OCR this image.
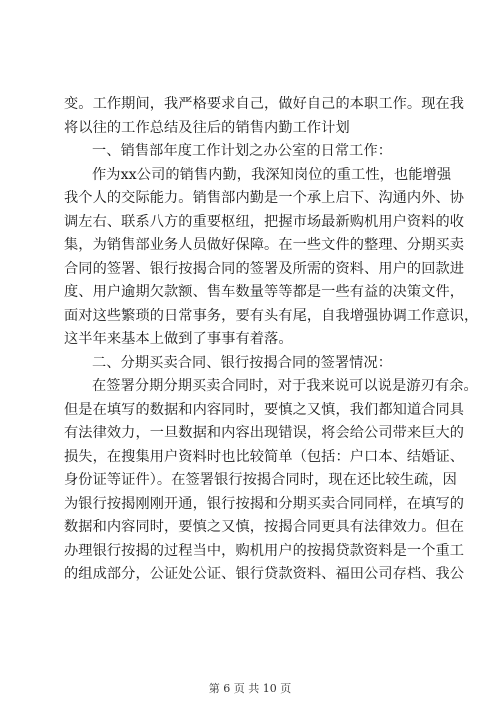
变。工作期间，我严格要求自己，做好自己的本职工作。现在我
将以往的工作总结及往后的销售内勤工作计划
一、销售部年度工作计划之办公室的日常工作：
作为xx公司的销售内勤，我深知岗位的重工性，也能增强
我个人的交际能力。销售部内勤是一个承上启下、沟通内外、协
调左右、联系八方的重要枢纽，把握市场最新购机用户资料的收
集，为销售部业务人员做好保障。在一些文件的整理、分期买卖
合同的签署、银行按揭合同的签署及所需的资料、用户的回款进
度、用户逾期欠款额、售车数量等等都是一些有益的决策文件，
面对这些繁琐的日常事务，要有头有尾，自我增强协调工作意识，
这半年来基本上做到了事事有着落。
二、分期买卖合同、银行按揭合同的签署情况：
在签署分期分期买卖合同时，对于我来说可以说是游刃有余。
但是在填写的数据和内容同时，要慎之又慎，我们都知道合同具
有法律效力，一旦数据和内容出现错误，将会给公司带来巨大的
损失，在搜集用户资料时也比较简单（包括：户口本、结婚证、
身份证等证件）。在签署银行按揭合同时，现在还比较生疏，因
为银行按揭刚刚开通，银行按揭和分期买卖合同同样，在填写的
数据和内容同时，要慎之又慎，按揭合同更具有法律效力。但在
办理银行按揭的过程当中，购机用户的按揭贷款资料是一个重工
的组成部分，公证处公证、银行贷款资料、福田公司存档、我公
第 6 页 共 10 页
